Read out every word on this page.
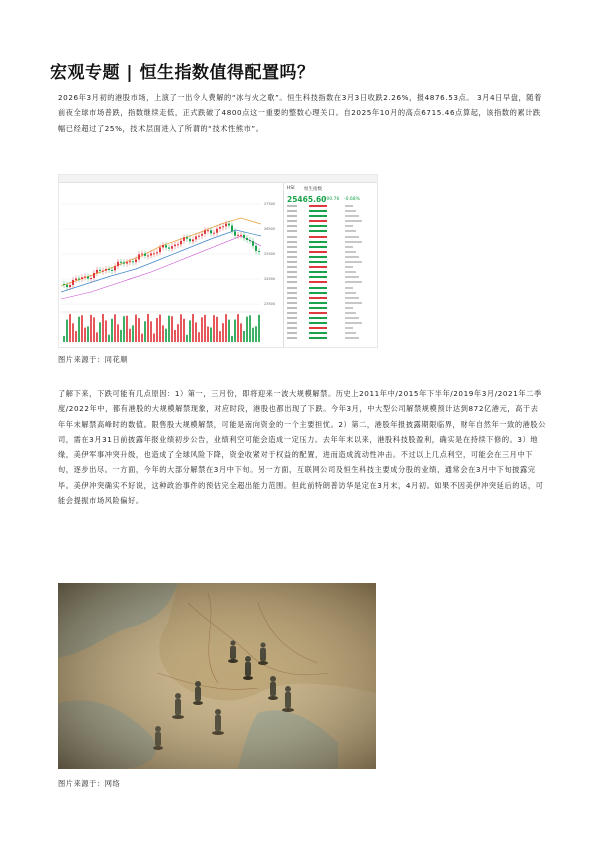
宏观专题 | 恒生指数值得配置吗？

2026年3月初的港股市场，上演了一出令人费解的“冰与火之歌”。恒生科技指数在3月3日收跌2.26%，报4876.53点。 3月4日早盘，随着前夜全球市场普跌，指数继续走低，正式跌破了4800点这一重要的整数心理关口。自2025年10月的高点6715.46点算起，该指数的累计跌幅已经超过了25%，技术层面进入了所谓的“技术性熊市”。

27500
26500
25500
24500
23500
HSI 恒生指数
25465.60
-300.76 -0.68%
图片来源于：同花顺

了解下来，下跌可能有几点原因：1）第一，三月份，即将迎来一波大规模解禁。历史上2011年中/2015年下半年/2019年3月/2021年二季度/2022年中，都有港股的大规模解禁现象，对应时段，港股也都出现了下跌。今年3月，中大型公司解禁规模预计达到872亿港元，高于去年年末解禁高峰时的数值。限售股大规模解禁，可能是南向资金的一个主要担忧。2）第二，港股年报披露期限临界，财年自然年一致的港股公司，需在3月31日前披露年报业绩初步公告，业绩利空可能会造成一定压力。去年年末以来，港股科技股盈利，确实是在持续下修的。3）地缘，美伊军事冲突升级，也造成了全球风险下降，资金收紧对于权益的配置，进而造成流动性冲击。不过以上几点利空，可能会在三月中下旬，逐步出尽。一方面，今年的大部分解禁在3月中下旬。另一方面，互联网公司及恒生科技主要成分股的业绩，通常会在3月中下旬披露完毕。美伊冲突确实不好说，这种政治事件的预估完全超出能力范围。但此前特朗普访华是定在3月末，4月初。如果不因美伊冲突延后的话，可能会提振市场风险偏好。

图片来源于：网络
